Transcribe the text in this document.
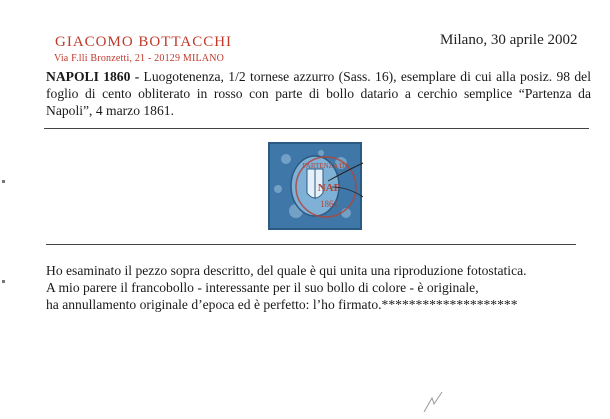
GIACOMO BOTTACCHI
Via F.lli Bronzetti, 21 - 20129 MILANO
Milano, 30 aprile 2002
NAPOLI 1860 - Luogotenenza, 1/2 tornese azzurro (Sass. 16), esemplare di cui alla posiz. 98 del foglio di cento obliterato in rosso con parte di bollo datario a cerchio semplice “Partenza da Napoli”, 4 marzo 1861.
PARTENZA DA
NAP
1861

Ho esaminato il pezzo sopra descritto, del quale è qui unita una riproduzione fotostatica.

A mio parere il francobollo - interessante per il suo bollo di colore - è originale,

ha annullamento originale d’epoca ed è perfetto: l’ho firmato.********************
